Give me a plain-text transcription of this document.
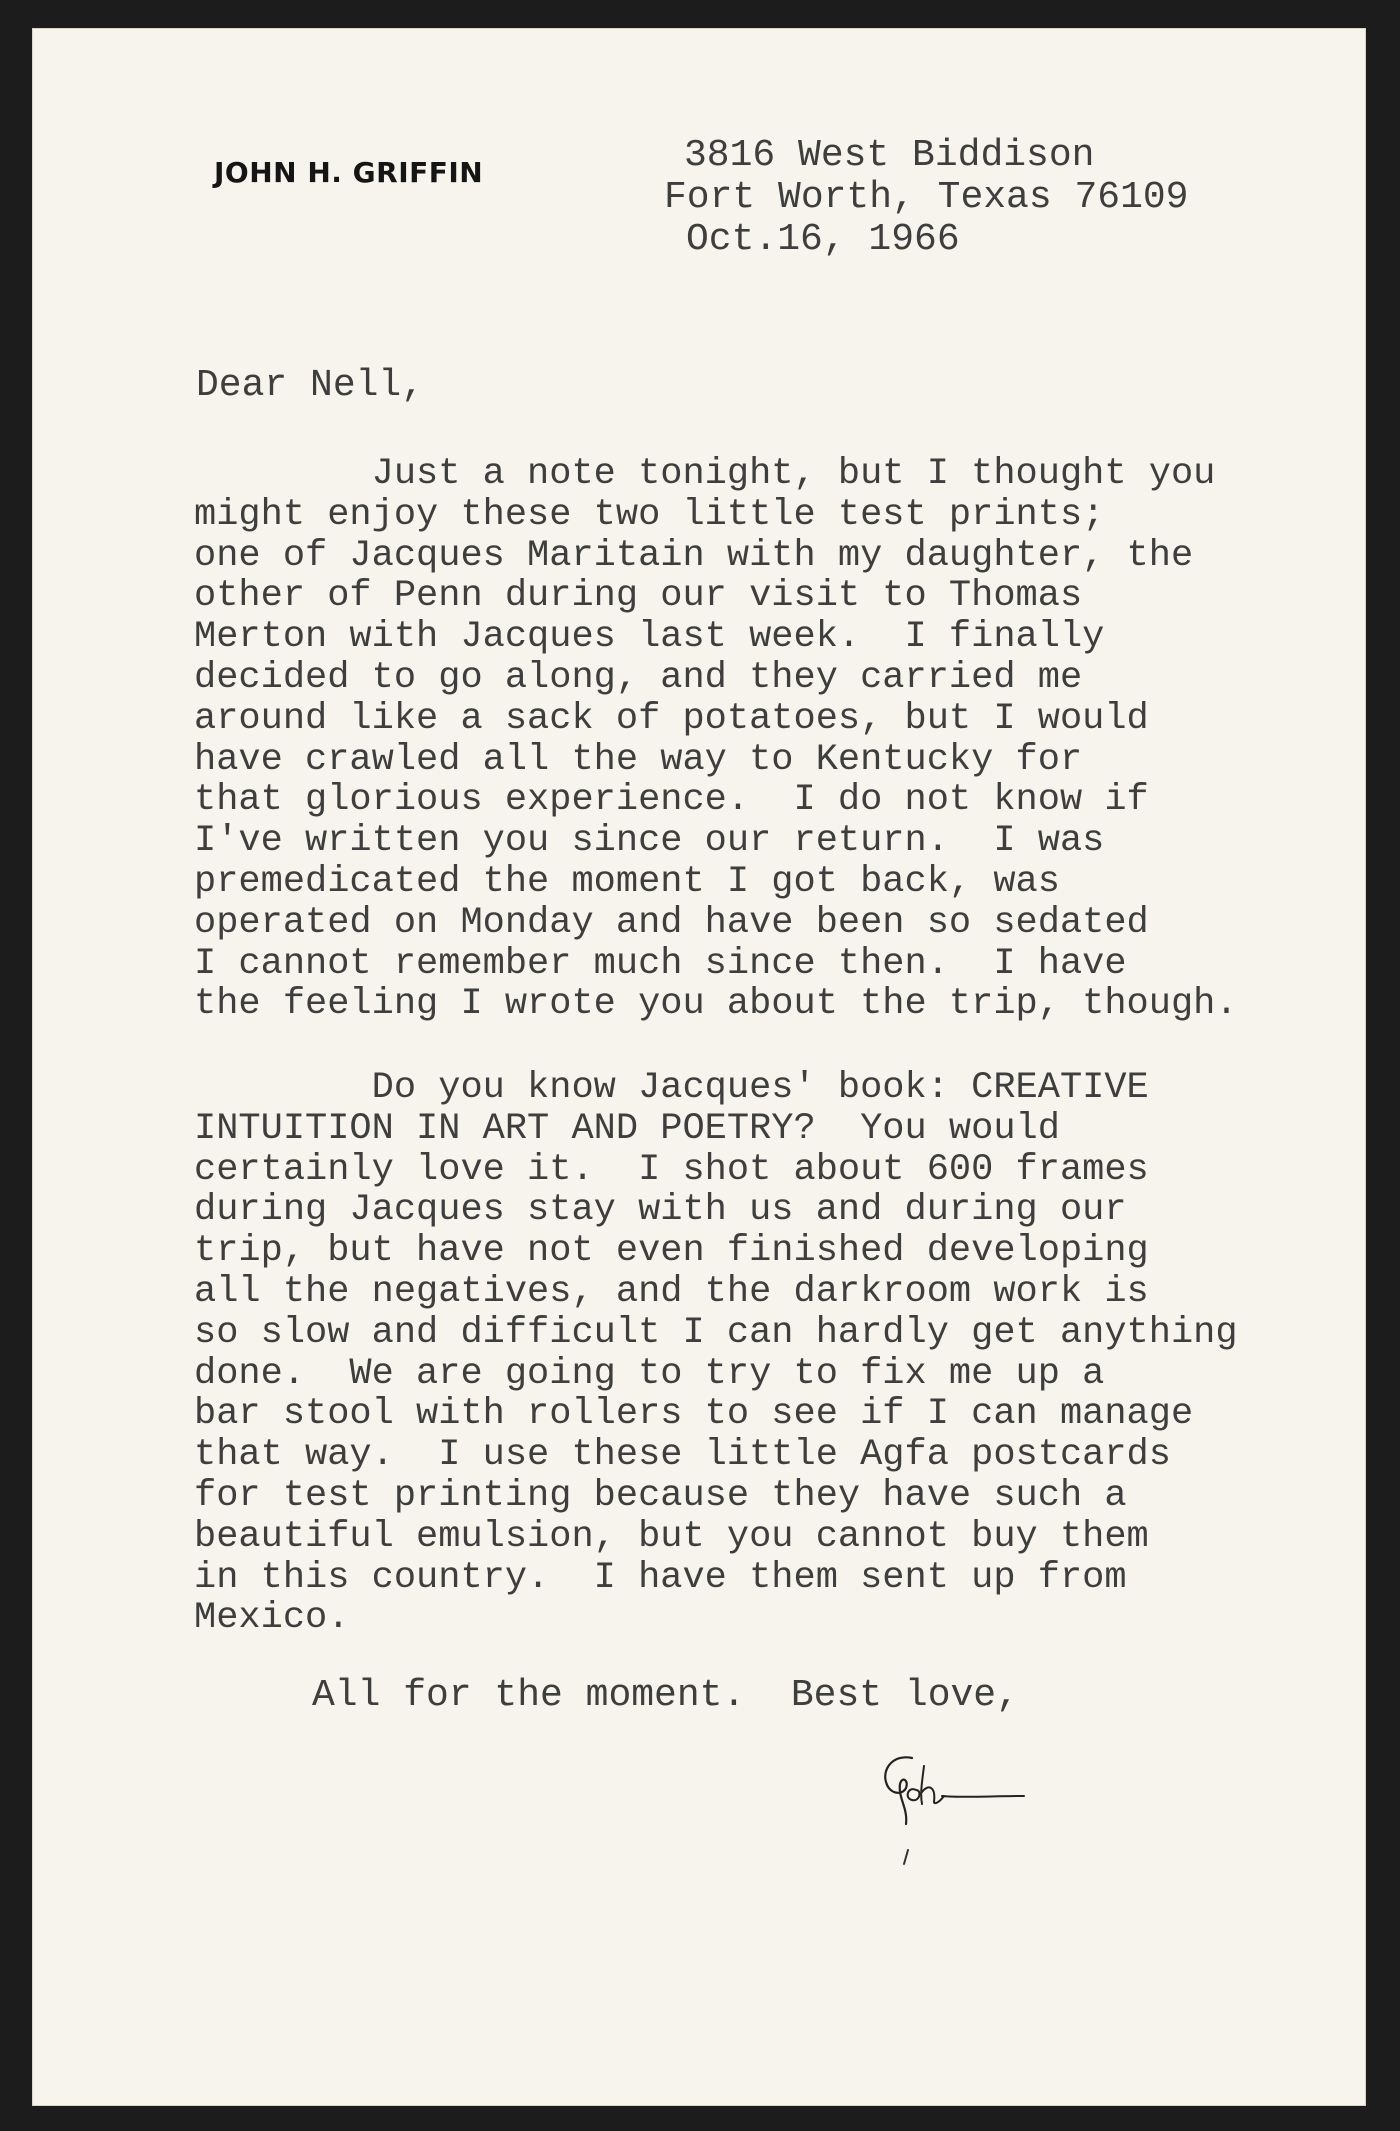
JOHN H. GRIFFIN

	3816 West Biddison

Fort Worth, Texas 76109

Oct.16, 1966

Dear Nell,
Just a note tonight, but I thought you
might enjoy these two little test prints;
one of Jacques Maritain with my daughter, the
other of Penn during our visit to Thomas
Merton with Jacques last week.  I finally
decided to go along, and they carried me
around like a sack of potatoes, but I would
have crawled all the way to Kentucky for
that glorious experience.  I do not know if
I've written you since our return.  I was
premedicated the moment I got back, was
operated on Monday and have been so sedated
I cannot remember much since then.  I have
the feeling I wrote you about the trip, though.
Do you know Jacques' book: CREATIVE
INTUITION IN ART AND POETRY?  You would
certainly love it.  I shot about 600 frames
during Jacques stay with us and during our
trip, but have not even finished developing
all the negatives, and the darkroom work is
so slow and difficult I can hardly get anything
done.  We are going to try to fix me up a
bar stool with rollers to see if I can manage
that way.  I use these little Agfa postcards
for test printing because they have such a
beautiful emulsion, but you cannot buy them
in this country.  I have them sent up from
Mexico.
All for the moment.  Best love,
